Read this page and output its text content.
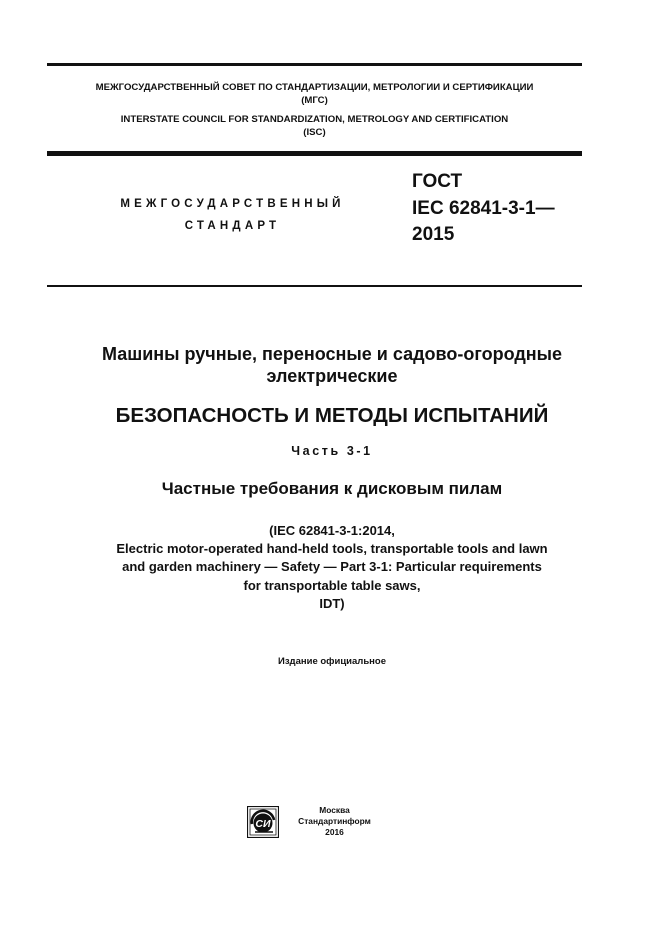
МЕЖГОСУДАРСТВЕННЫЙ СОВЕТ ПО СТАНДАРТИЗАЦИИ, МЕТРОЛОГИИ И СЕРТИФИКАЦИИ
(МГС)
INTERSTATE COUNCIL FOR STANDARDIZATION, METROLOGY AND CERTIFICATION
(ISC)
МЕЖГОСУДАРСТВЕННЫЙ
СТАНДАРТ
ГОСТ
IEC 62841-3-1—
2015
Машины ручные, переносные и садово-огородные
электрические
БЕЗОПАСНОСТЬ И МЕТОДЫ ИСПЫТАНИЙ
Часть 3-1
Частные требования к дисковым пилам
(IEC 62841-3-1:2014,
Electric motor-operated hand-held tools, transportable tools and lawn
and garden machinery — Safety — Part 3-1: Particular requirements
for transportable table saws,
IDT)
Издание официальное
СИ
Москва
Стандартинформ
2016
